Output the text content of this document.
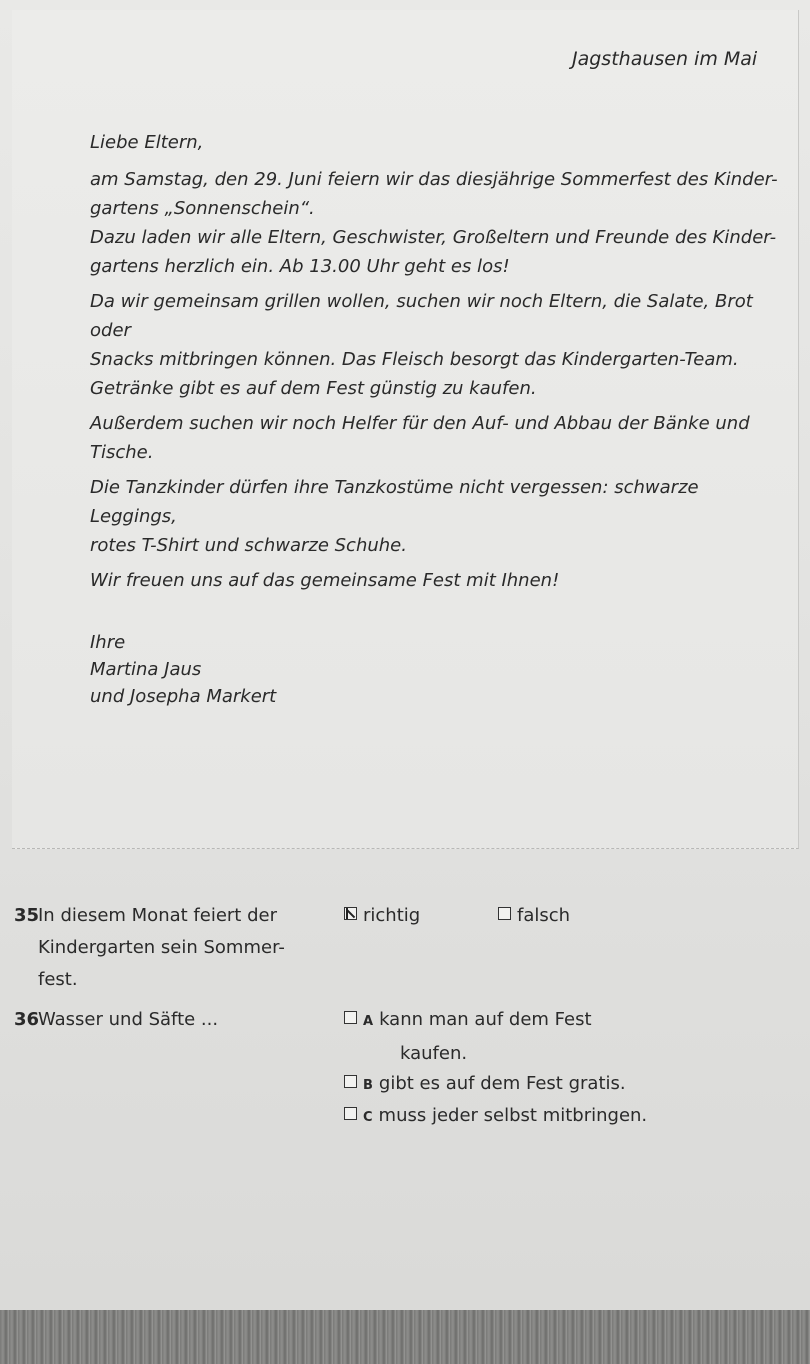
Jagsthausen im Mai

Liebe Eltern,

am Samstag, den 29. Juni feiern wir das diesjährige Sommerfest des Kinder-
gartens „Sonnenschein“.
Dazu laden wir alle Eltern, Geschwister, Großeltern und Freunde des Kinder-
gartens herzlich ein. Ab 13.00 Uhr geht es los!

Da wir gemeinsam grillen wollen, suchen wir noch Eltern, die Salate, Brot oder
Snacks mitbringen können. Das Fleisch besorgt das Kindergarten-Team.
Getränke gibt es auf dem Fest günstig zu kaufen.

Außerdem suchen wir noch Helfer für den Auf- und Abbau der Bänke und
Tische.

Die Tanzkinder dürfen ihre Tanzkostüme nicht vergessen: schwarze Leggings,
rotes T-Shirt und schwarze Schuhe.

Wir freuen uns auf das gemeinsame Fest mit Ihnen!

Ihre
Martina Jaus
und Josepha Markert
35
In diesem Monat feiert der
Kindergarten sein Sommer-
fest.
richtig	falsch
36
Wasser und Säfte ...	A kann man auf dem Fest
kaufen.
B gibt es auf dem Fest gratis.
C muss jeder selbst mitbringen.
